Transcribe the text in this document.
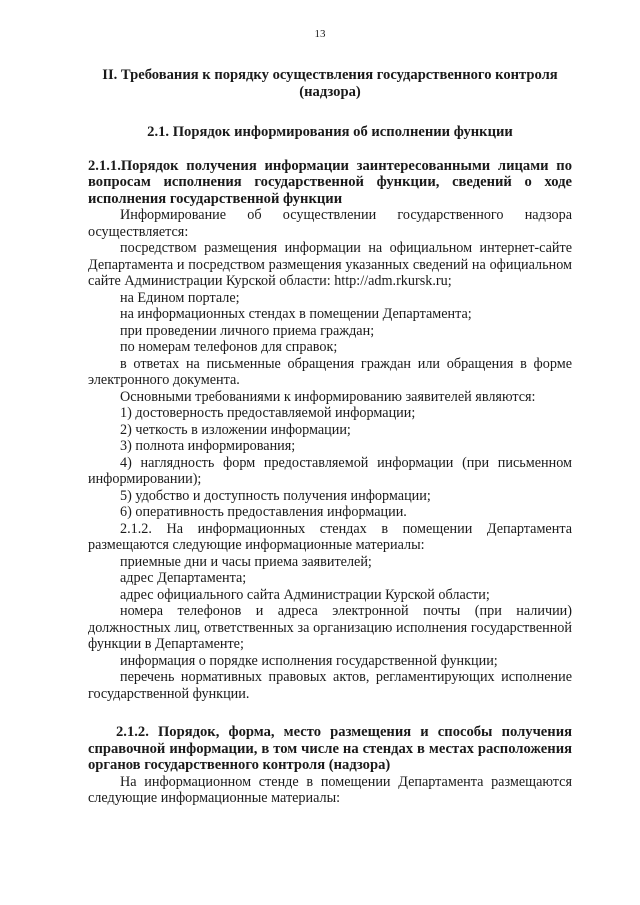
13

II. Требования к порядку осуществления государственного контроля (надзора)

2.1. Порядок информирования об исполнении функции

2.1.1.Порядок получения информации заинтересованными лицами по вопросам исполнения государственной функции, сведений о ходе исполнения государственной функции

Информирование об осуществлении государственного надзора осуществляется:

посредством размещения информации на официальном интернет-сайте Департамента и посредством размещения указанных сведений на официальном сайте Администрации Курской области: http://adm.rkursk.ru;

на Едином портале;

на информационных стендах в помещении Департамента;

при проведении личного приема граждан;

по номерам телефонов для справок;

в ответах на письменные обращения граждан или обращения в форме электронного документа.

Основными требованиями к информированию заявителей являются:

1) достоверность предоставляемой информации;

2) четкость в изложении информации;

3) полнота информирования;

4) наглядность форм предоставляемой информации (при письменном информировании);

5) удобство и доступность получения информации;

6) оперативность предоставления информации.

2.1.2. На информационных стендах в помещении Департамента размещаются следующие информационные материалы:

приемные дни и часы приема заявителей;

адрес Департамента;

адрес официального сайта Администрации Курской области;

номера телефонов и адреса электронной почты (при наличии) должностных лиц, ответственных за организацию исполнения государственной функции в Департаменте;

информация о порядке исполнения государственной функции;

перечень нормативных правовых актов, регламентирующих исполнение государственной функции.

2.1.2. Порядок, форма, место размещения и способы получения справочной информации, в том числе на стендах в местах расположения органов государственного контроля (надзора)

На информационном стенде в помещении Департамента размещаются следующие информационные материалы:
